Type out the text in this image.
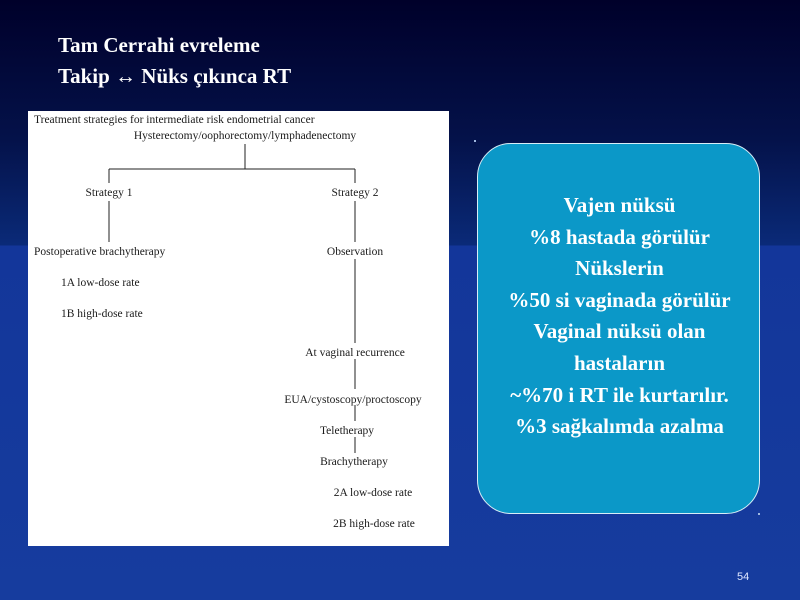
Tam Cerrahi evreleme
Takip ↔ Nüks çıkınca RT
Treatment strategies for intermediate risk endometrial cancer
Hysterectomy/oophorectomy/lymphadenectomy
Strategy 1	Strategy 2
Postoperative brachytherapy	Observation
1A low-dose rate
1B high-dose rate
At vaginal recurrence
EUA/cystoscopy/proctoscopy
Teletherapy
Brachytherapy
2A low-dose rate
2B high-dose rate
Vajen nüksü
%8 hastada görülür
Nükslerin
%50 si vaginada görülür
Vaginal nüksü olan
hastaların
~%70 i RT ile kurtarılır.
%3 sağkalımda azalma
54
